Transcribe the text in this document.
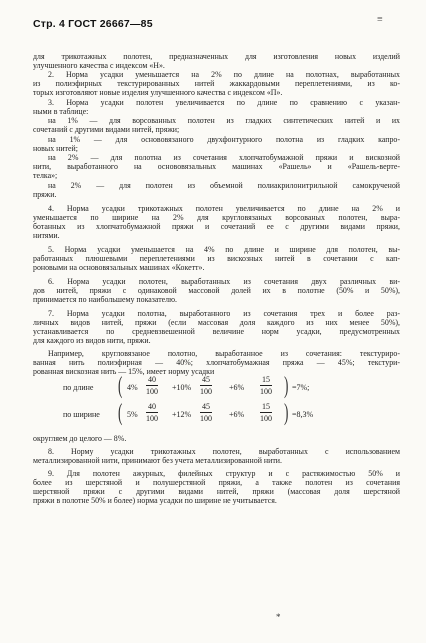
Стр. 4 ГОСТ 26667—85	≡
для трикотажных полотен, предназначенных для изготовления новых изделий
улучшенного качества с индексом «Н».
2. Норма усадки уменьшается на 2% по длине на полотнах, выработанных
из полиэфирных текстурированных нитей жаккардовыми переплетениями, из ко-
торых изготовляют новые изделия улучшенного качества с индексом «П».
3. Норма усадки полотен увеличивается по длине по сравнению с указан-
ными в таблице:
на 1% — для ворсованных полотен из гладких синтетических нитей и их
сочетаний с другими видами нитей, пряжи;
на 1% — для основовязаного двухфонтурного полотна из гладких капро-
новых нитей;
на 2% — для полотна из сочетания хлопчатобумажной пряжи и вискозной
нити, выработанного на основовязальных машинах «Рашель» и «Рашель-верте-
телка»;
на 2% — для полотен из объемной полиакрилонитрильной самокрученой
пряжи.
4. Норма усадки трикотажных полотен увеличивается по длине на 2% и
уменьшается по ширине на 2% для кругловязаных ворсованых полотен, выра-
ботанных из хлопчатобумажной пряжи и сочетаний ее с другими видами пряжи,
нитями.
5. Норма усадки уменьшается на 4% по длине и ширине для полотен, вы-
работанных плюшевыми переплетениями из вискозных нитей в сочетании с кап-
роновыми на основовязальных машинах «Кокетт».
6. Норма усадки полотен, выработанных из сочетания двух различных ви-
дов нитей, пряжи с одинаковой массовой долей их в полотне (50% и 50%),
принимается по наибольшему показателю.
7. Норма усадки полотна, выработанного из сочетания трех и более раз-
личных видов нитей, пряжи (если массовая доля каждого из них менее 50%),
устанавливается по средневзвешенной величине норм усадки, предусмотренных
для каждого из видов нити, пряжи.
Например, кругловязаное полотно, выработанное из сочетания: текстуриро-
ванная нить полиэфирная — 40%; хлопчатобумажная пряжа — 45%; текстури-
рованная вискозная нить — 15%, имеет норму усадки
по длине ( $4\% \frac{40}{100} +10\% \frac{45}{100} +6\% \frac{15}{100}$ ) =7%;
по ширине ( $5\% \frac{40}{100} +12\% \frac{45}{100} +6\% \frac{15}{100}$ ) =8,3%
округляем до целого — 8%.
8. Норму усадки трикотажных полотен, выработанных с использованием
металлизированной нити, принимают без учета металлизированной нити.
9. Для полотен ажурных, филейных структур и с растяжимостью 50% и
более из шерстяной и полушерстяной пряжи, а также полотен из сочетания
шерстяной пряжи с другими видами нитей, пряжи (массовая доля шерстяной
пряжи в полотне 50% и более) норма усадки по ширине не учитывается.
*
